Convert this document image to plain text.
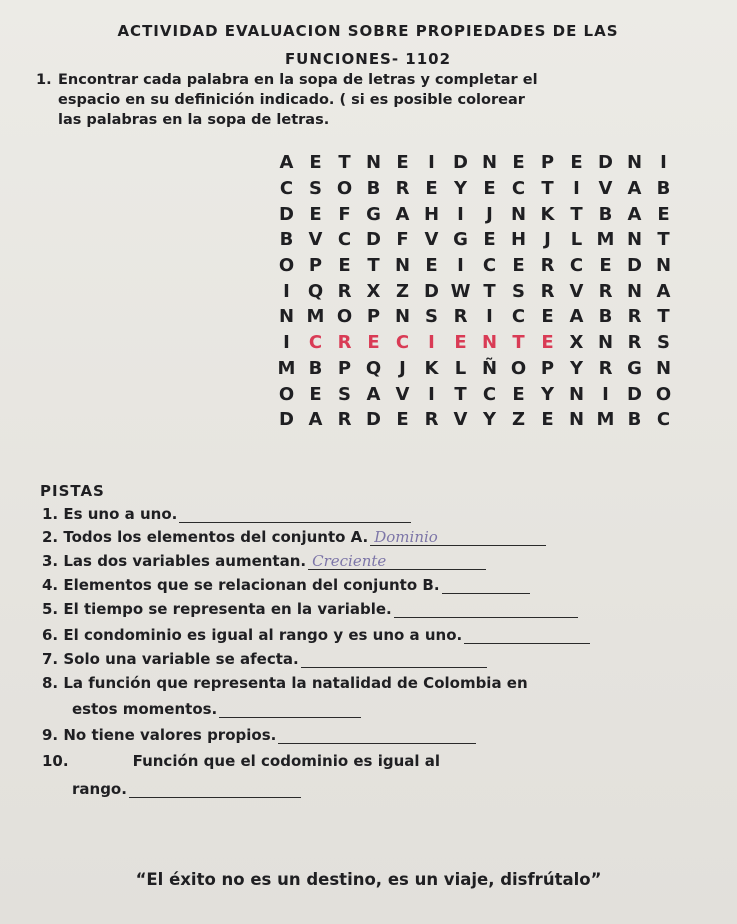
ACTIVIDAD EVALUACION SOBRE PROPIEDADES DE LAS
FUNCIONES- 1102
1. Encontrar cada palabra en la sopa de letras y completar el
espacio en su definición indicado. ( si es posible colorear
las palabras en la sopa de letras.
A E T N E	I	D N E P E D N	I
C S O B R E Y E C T	I	V A B
D E F G A H	I	J	N K T B A E
B V C D F V G E H	J	L M N T
O P E T N E	I	C E R C E D N
I	Q R X Z D W T S R V R N A
N M O P N S R	I	C E A B R T
I	C R E C	I	E N T E X N R S
M B P Q J	K L Ñ O P Y R G N
O E S A V	I	T C E Y N	I	D O
D A R D E R V Y Z E N M B C
PISTAS
1. Es uno a uno.
2. Todos los elementos del conjunto A. Dominio
3. Las dos variables aumentan. Creciente
4. Elementos que se relacionan del conjunto B.
5. El tiempo se representa en la variable.
6. El condominio es igual al rango y es uno a uno.
7. Solo una variable se afecta.
8. La función que representa la natalidad de Colombia en
estos momentos.
9. No tiene valores propios.
10.	Función que el codominio es igual al
rango.
“El éxito no es un destino, es un viaje, disfrútalo”
